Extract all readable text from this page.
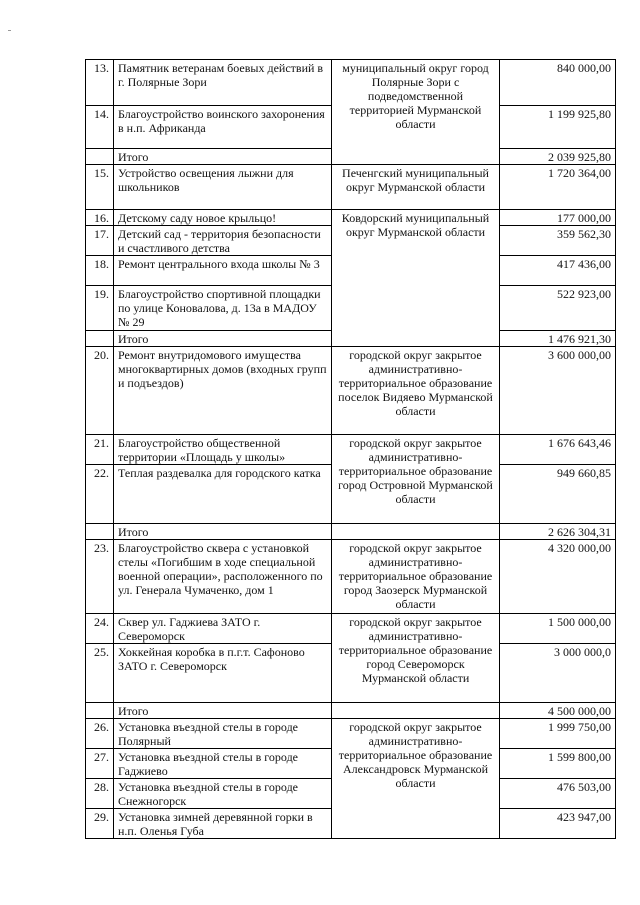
13.	Памятник ветеранам боевых действий в г. Полярные Зори	муниципальный округ город Полярные Зори с подведомственной территорией Мурманской области	840 000,00
14.	Благоустройство воинского захоронения в н.п. Африканда		1 199 925,80
	Итого		2 039 925,80
15.	Устройство освещения лыжни для школьников	Печенгский муниципальный округ Мурманской области	1 720 364,00
16.	Детскому саду новое крыльцо!	Ковдорский муниципальный округ Мурманской области	177 000,00
17.	Детский сад - территория безопасности и счастливого детства		359 562,30
18.	Ремонт центрального входа школы № 3		417 436,00
19.	Благоустройство спортивной площадки по улице Коновалова, д. 13а в МАДОУ № 29		522 923,00
	Итого		1 476 921,30
20.	Ремонт внутридомового имущества многоквартирных домов (входных групп и подъездов)	городской округ закрытое административно-территориальное образование поселок Видяево Мурманской области	3 600 000,00
21.	Благоустройство общественной территории «Площадь у школы»	городской округ закрытое административно-территориальное образование город Островной Мурманской области	1 676 643,46
22.	Теплая раздевалка для городского катка		949 660,85
	Итого		2 626 304,31
23.	Благоустройство сквера с установкой стелы «Погибшим в ходе специальной военной операции», расположенного по ул. Генерала Чумаченко, дом 1	городской округ закрытое административно-территориальное образование город Заозерск Мурманской области	4 320 000,00
24.	Сквер ул. Гаджиева ЗАТО г. Североморск	городской округ закрытое административно-территориальное образование город Североморск Мурманской области	1 500 000,00
25.	Хоккейная коробка в п.г.т. Сафоново ЗАТО г. Североморск		3 000 000,0
	Итого		4 500 000,00
26.	Установка въездной стелы в городе Полярный	городской округ закрытое административно-территориальное образование Александровск Мурманской области	1 999 750,00
27.	Установка въездной стелы в городе Гаджиево		1 599 800,00
28.	Установка въездной стелы в городе Снежногорск		476 503,00
29.	Установка зимней деревянной горки в н.п. Оленья Губа		423 947,00
